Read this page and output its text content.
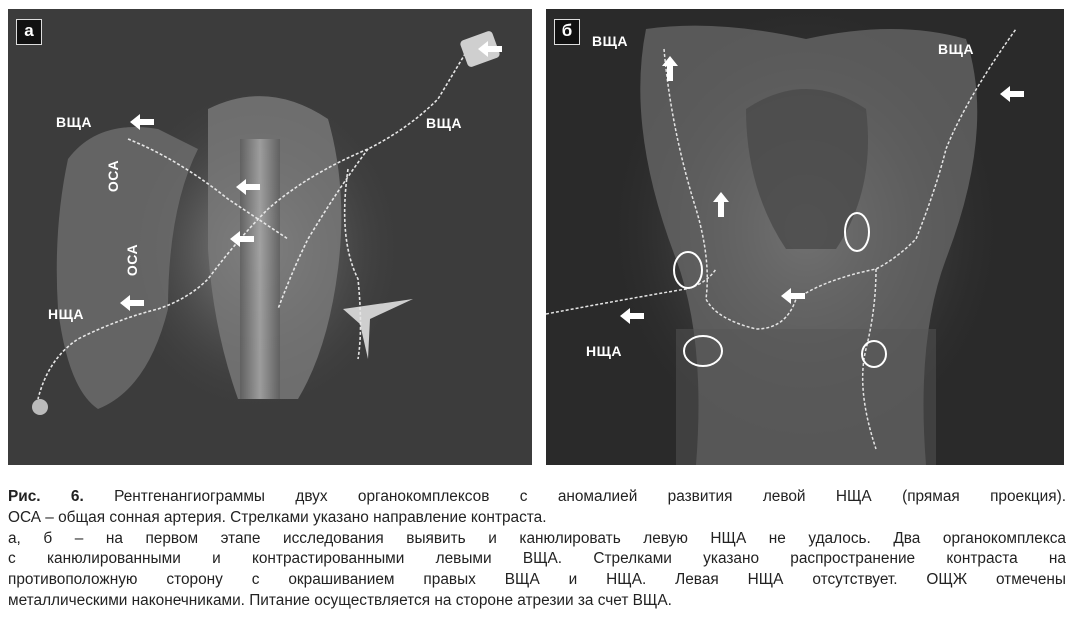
а
ВЩА	ВЩА
ОСА
ОСА
НЩА
б
ВЩА	ВЩА
НЩА

Рис. 6. Рентгенангиограммы двух органокомплексов с аномалией развития левой НЩА (прямая проекция).

ОСА – общая сонная артерия. Стрелками указано направление контраста.

а, б – на первом этапе исследования выявить и канюлировать левую НЩА не удалось. Два органокомплекса

с канюлированными и контрастированными левыми ВЩА. Стрелками указано распространение контраста на

противоположную сторону с окрашиванием правых ВЩА и НЩА. Левая НЩА отсутствует. ОЩЖ отмечены

металлическими наконечниками. Питание осуществляется на стороне атрезии за счет ВЩА.
